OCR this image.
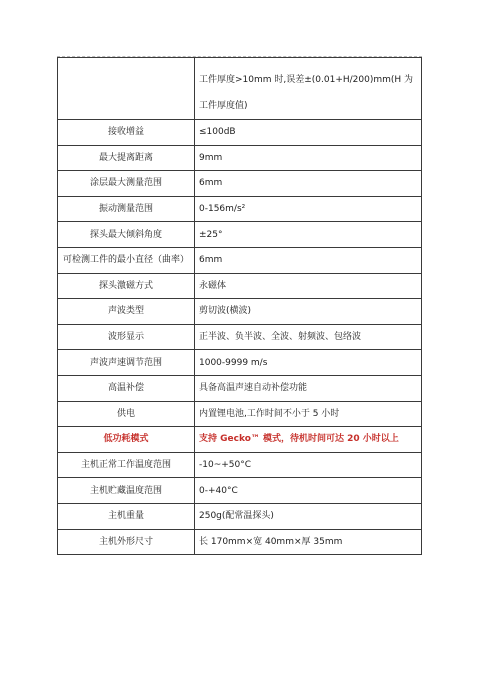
	工件厚度>10mm 时,误差±(0.01+H/200)mm(H 为工件厚度值)
接收增益	≤100dB
最大提离距离	9mm
涂层最大测量范围	6mm
振动测量范围	0-156m/s²
探头最大倾斜角度	±25°
可检测工件的最小直径（曲率）	6mm
探头激磁方式	永磁体
声波类型	剪切波(横波)
波形显示	正半波、负半波、全波、射频波、包络波
声波声速调节范围	1000-9999 m/s
高温补偿	具备高温声速自动补偿功能
供电	内置锂电池,工作时间不小于 5 小时
低功耗模式	支持 Gecko™ 模式，待机时间可达 20 小时以上
主机正常工作温度范围	-10~+50°C
主机贮藏温度范围	0-+40°C
主机重量	250g(配常温探头)
主机外形尺寸	长 170mm×宽 40mm×厚 35mm
